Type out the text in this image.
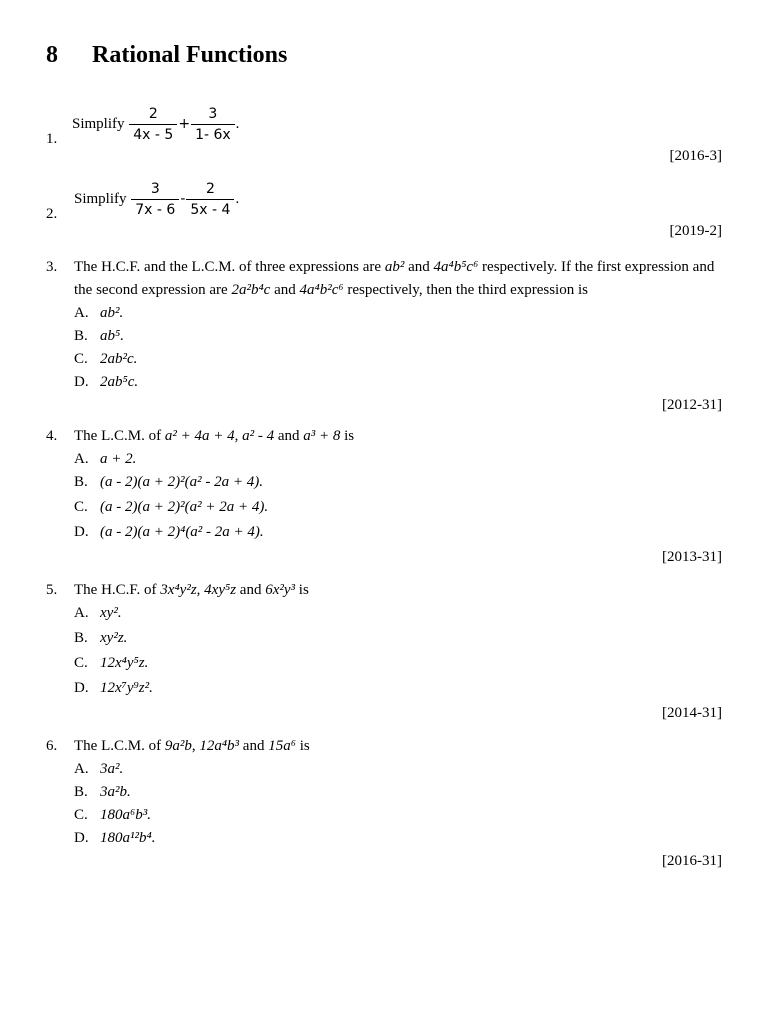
8 Rational Functions
1.
Simplify $\frac{2}{4x - 5} + \frac{3}{1- 6x}$ .
[2016-3]
2.
Simplify $\frac{3}{7x - 6} - \frac{2}{5x - 4}$ .
[2019-2]
3. The H.C.F. and the L.C.M. of three expressions are ab² and 4a⁴b⁵c⁶ respectively. If the first expression and the second expression are 2a²b⁴c and 4a⁴b²c⁶ respectively, then the third expression is
A. ab².
B. ab⁵.
C. 2ab²c.
D. 2ab⁵c.
[2012-31]
4. The L.C.M. of a² + 4a + 4, a² - 4 and a³ + 8 is
A. a + 2.
B. (a - 2)(a + 2)²(a² - 2a + 4).
C. (a - 2)(a + 2)²(a² + 2a + 4).
D. (a - 2)(a + 2)⁴(a² - 2a + 4).
[2013-31]
5. The H.C.F. of 3x⁴y²z, 4xy⁵z and 6x²y³ is
A. xy².
B. xy²z.
C. 12x⁴y⁵z.
D. 12x⁷y⁹z².
[2014-31]
6. The L.C.M. of 9a²b, 12a⁴b³ and 15a⁶ is
A. 3a².
B. 3a²b.
C. 180a⁶b³.
D. 180a¹²b⁴.
[2016-31]
